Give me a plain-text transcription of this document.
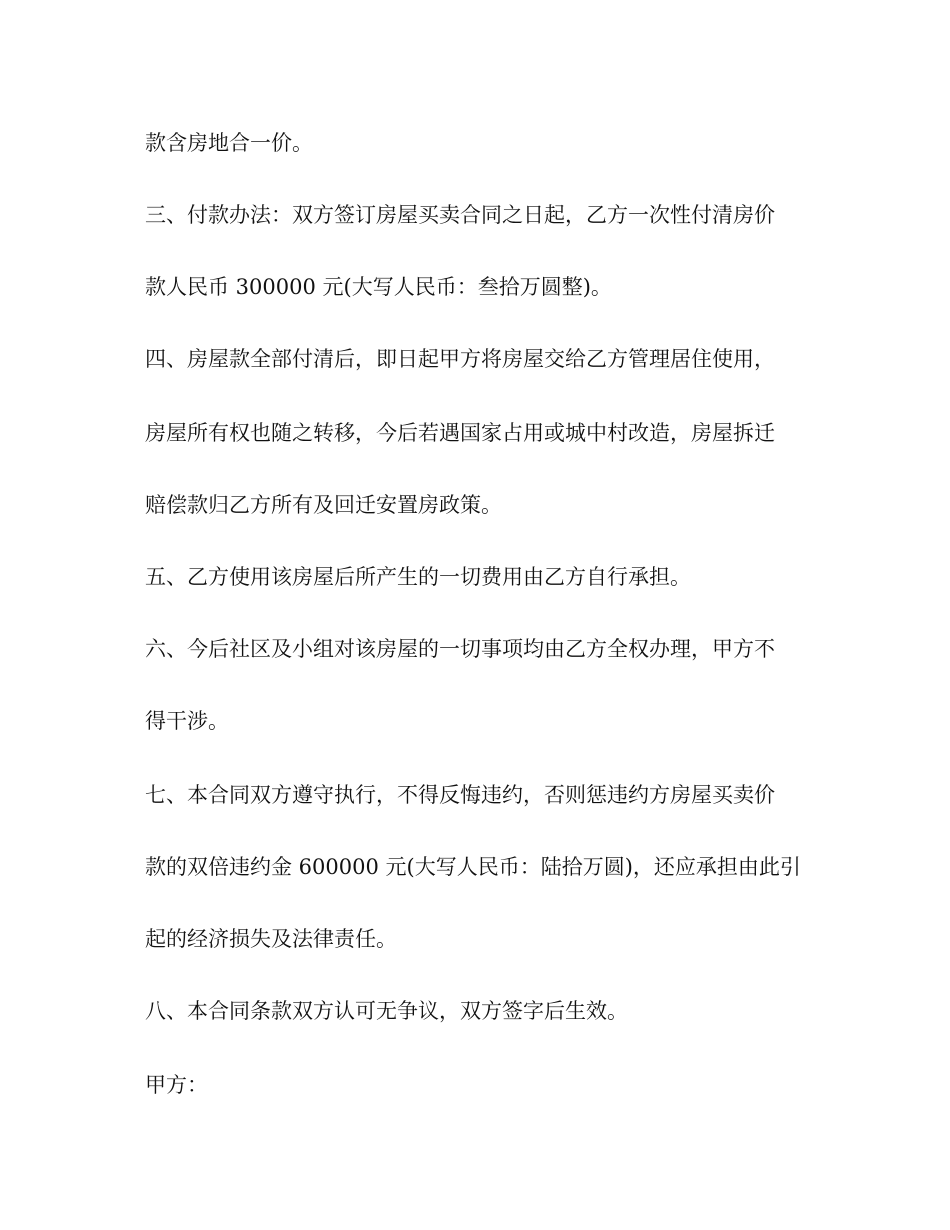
款含房地合一价。
三、付款办法：双方签订房屋买卖合同之日起，乙方一次性付清房价
款人民币 300000 元(大写人民币：叁拾万圆整)。
四、房屋款全部付清后，即日起甲方将房屋交给乙方管理居住使用，
房屋所有权也随之转移，今后若遇国家占用或城中村改造，房屋拆迁
赔偿款归乙方所有及回迁安置房政策。
五、乙方使用该房屋后所产生的一切费用由乙方自行承担。
六、今后社区及小组对该房屋的一切事项均由乙方全权办理，甲方不
得干涉。
七、本合同双方遵守执行，不得反悔违约，否则惩违约方房屋买卖价
款的双倍违约金 600000 元(大写人民币：陆拾万圆)，还应承担由此引
起的经济损失及法律责任。
八、本合同条款双方认可无争议，双方签字后生效。
甲方：
